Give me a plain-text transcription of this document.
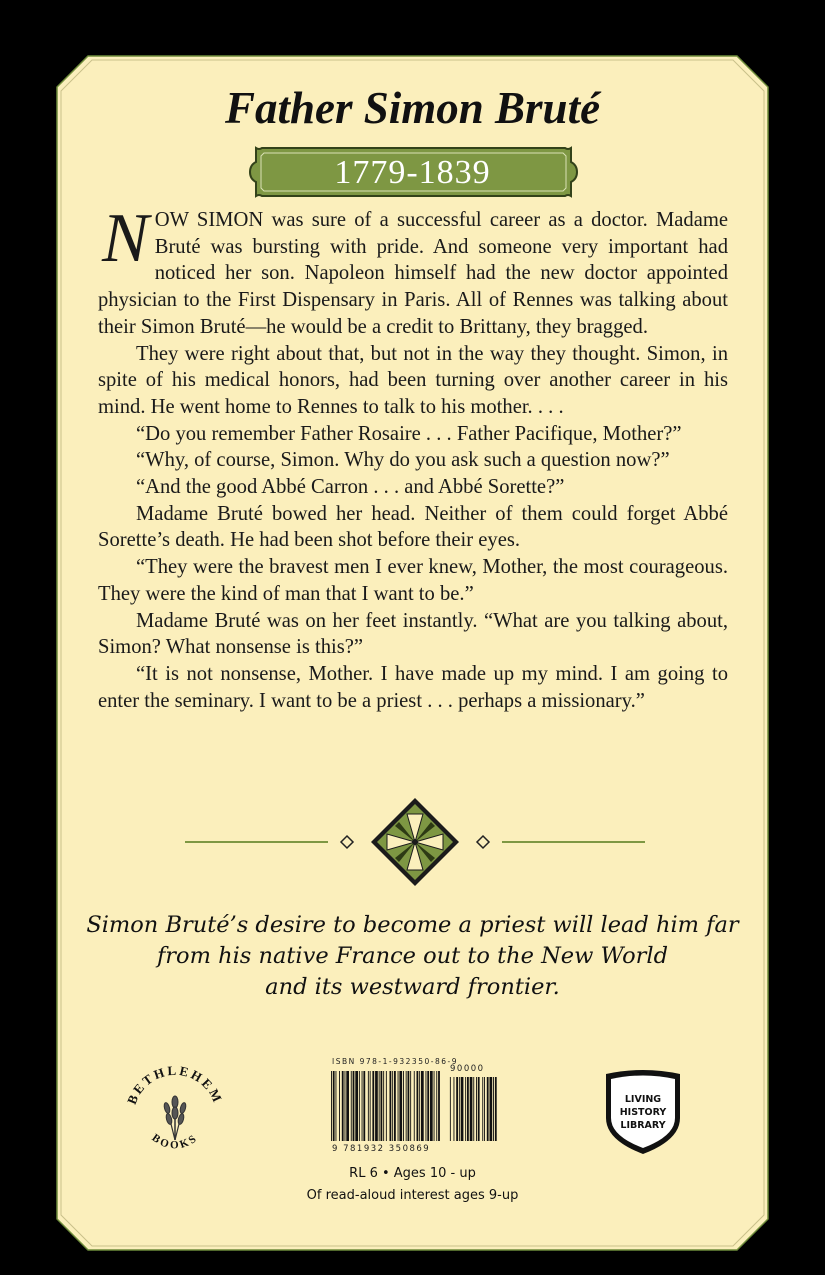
Father Simon Bruté
1779-1839

NOW SIMON was sure of a successful career as a doctor. Madame Bruté was bursting with pride. And someone very important had noticed her son. Napoleon himself had the new doctor appointed physician to the First Dispensary in Paris. All of Rennes was talking about their Simon Bruté—he would be a credit to Brittany, they bragged.

They were right about that, but not in the way they thought. Simon, in spite of his medical honors, had been turning over another career in his mind. He went home to Rennes to talk to his mother. . . .

“Do you remember Father Rosaire . . . Father Pacifique, Mother?”

“Why, of course, Simon. Why do you ask such a question now?”

“And the good Abbé Carron . . . and Abbé Sorette?”

Madame Bruté bowed her head. Neither of them could forget Abbé Sorette’s death. He had been shot before their eyes.

“They were the bravest men I ever knew, Mother, the most courageous. They were the kind of man that I want to be.”

Madame Bruté was on her feet instantly. “What are you talking about, Simon? What nonsense is this?”

“It is not nonsense, Mother. I have made up my mind. I am going to enter the seminary. I want to be a priest . . . perhaps a missionary.”

Simon Bruté’s desire to become a priest will lead him far
from his native France out to the New World
and its westward frontier.
BETHLEHEM
BOOKS
ISBN 978-1-932350-86-9
9 781932 350869
90000
LIVING
HISTORY
LIBRARY
RL 6 • Ages 10 - up
Of read-aloud interest ages 9-up
